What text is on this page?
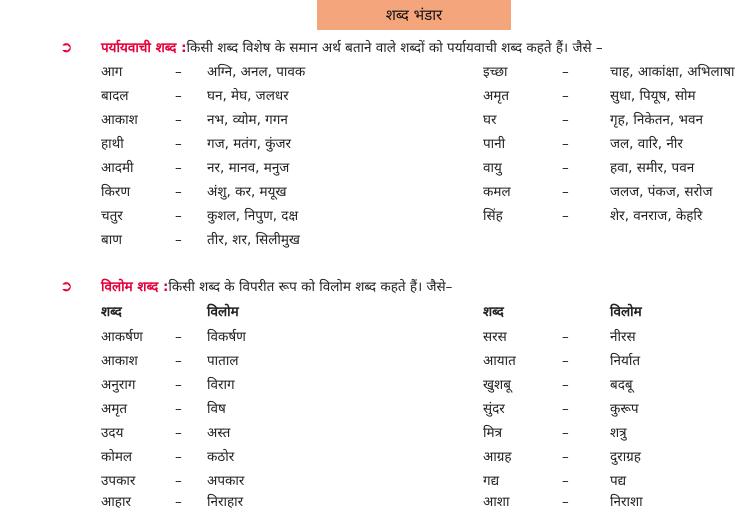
शब्द भंडार
➲	पर्यायवाची शब्द : किसी शब्द विशेष के समान अर्थ बताने वाले शब्दों को पर्यायवाची शब्द कहते हैं। जैसे –
आग	– अग्नि, अनल, पावक	इच्छा	–	चाह, आकांक्षा, अभिलाषा
बादल	– घन, मेघ, जलधर	अमृत	–	सुधा, पियूष, सोम
आकाश	– नभ, व्योम, गगन	घर	–	गृह, निकेतन, भवन
हाथी	– गज, मतंग, कुंजर	पानी	–	जल, वारि, नीर
आदमी	– नर, मानव, मनुज	वायु	–	हवा, समीर, पवन
किरण	– अंशु, कर, मयूख	कमल	–	जलज, पंकज, सरोज
चतुर	– कुशल, निपुण, दक्ष	सिंह	–	शेर, वनराज, केहरि
बाण	– तीर, शर, सिलीमुख
➲	विलोम शब्द : किसी शब्द के विपरीत रूप को विलोम शब्द कहते हैं। जैसे–
शब्द	विलोम	शब्द	विलोम
आकर्षण – विकर्षण	सरस	–	नीरस
आकाश	– पाताल	आयात	–	निर्यात
अनुराग	– विराग	खुशबू	–	बदबू
अमृत	– विष	सुंदर	–	कुरूप
उदय	– अस्त	मित्र	–	शत्रु
कोमल	– कठोर	आग्रह	–	दुराग्रह
उपकार	– अपकार	गद्य	–	पद्य
आहार	– निराहार	आशा	–	निराशा
